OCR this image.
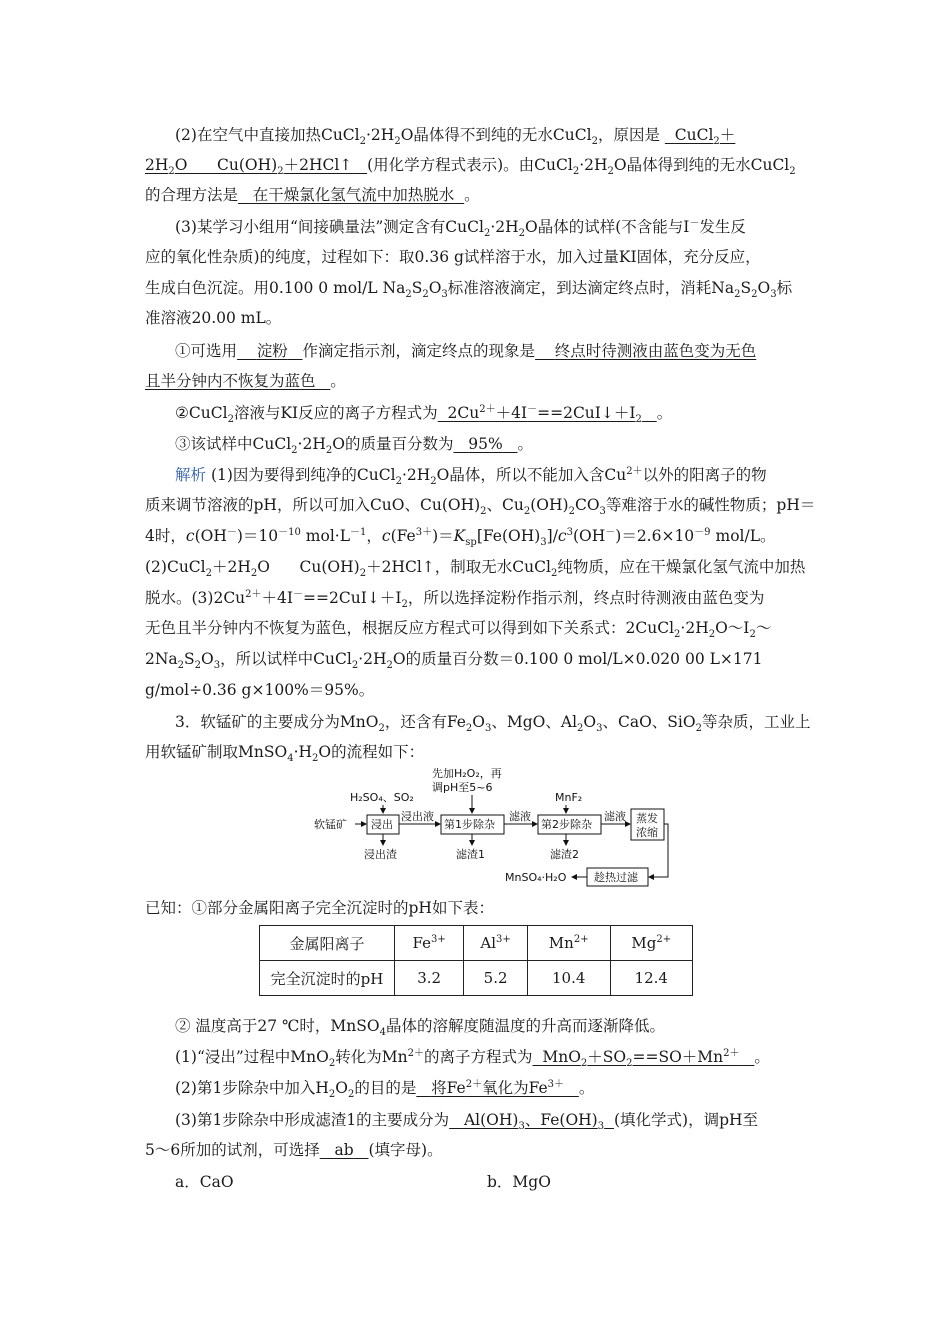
(2)在空气中直接加热$CuCl_2\cdot 2H_2O$晶体得不到纯的无水CuCl$_2$，原因是 CuCl$_2$＋
$2H_2O$ $Cu(OH)_2+2HCl↑$ (用化学方程式表示)。由$CuCl_2\cdot 2H_2O$晶体得到纯的无水CuCl$_2$
的合理方法是 在干燥氯化氢气流中加热脱水 。
(3)某学习小组用“间接碘量法”测定含有$CuCl_2\cdot 2H_2O$晶体的试样(不含能与I－发生反
应的氧化性杂质)的纯度，过程如下：取0.36 g试样溶于水，加入过量KI固体，充分反应，
生成白色沉淀。用0.100 0 mol/L $Na_2S_2O_3$标准溶液滴定，到达滴定终点时，消耗$Na_2S_2O_3$标
准溶液20.00 mL。
①可选用 淀粉 作滴定指示剂，滴定终点的现象是 终点时待测液由蓝色变为无色
且半分钟内不恢复为蓝色 。
②CuCl$_2$溶液与KI反应的离子方程式为 $2Cu^{2+}+4I^-==2CuI↓+I_2$ 。
③该试样中$CuCl_2\cdot 2H_2O$的质量百分数为 95% 。
解析 (1)因为要得到纯净的$CuCl_2\cdot 2H_2O$晶体，所以不能加入含$Cu^{2+}$以外的阳离子的物
质来调节溶液的pH，所以可加入CuO、$Cu(OH)_2$、$Cu_2(OH)_2CO_3$等难溶于水的碱性物质；pH＝
4时，$c(OH^-)=10^{-10}$ $mol\cdot L^{-1}$，$c(Fe^{3+})=K_{sp}[Fe(OH)_3]/c^3(OH^-)=2.6\times 10^{-9}$ mol/L。
$(2)CuCl_2+2H_2O$ $Cu(OH)_2+2HCl↑$，制取无水CuCl$_2$纯物质，应在干燥氯化氢气流中加热
脱水。$(3)2Cu^{2+}+4I^-==2CuI↓+I_2$，所以选择淀粉作指示剂，终点时待测液由蓝色变为
无色且半分钟内不恢复为蓝色，根据反应方程式可以得到如下关系式：$2CuCl_2\cdot 2H_2O\sim I_2\sim$
$2Na_2S_2O_3$，所以试样中$CuCl_2\cdot 2H_2O$的质量百分数＝0.100 0 mol/L×0.020 00 L×171
g/mol÷0.36 g×100%＝95%。
3．软锰矿的主要成分为MnO$_2$，还含有$Fe_2O_3$、MgO、$Al_2O_3$、CaO、SiO$_2$等杂质，工业上
用软锰矿制取$MnSO_4\cdot H_2O$的流程如下：
H₂SO₄、SO₂
先加H₂O₂，再
调pH至5~6
MnF₂
软锰矿 浸出
浸出液
第1步除杂
滤液
第2步除杂
滤液 蒸发
浓缩
浸出渣	滤渣1	滤渣2
趁热过滤
MnSO₄·H₂O
已知：①部分金属阳离子完全沉淀时的pH如下表：
金属阳离子	$Fe^{3+}$	$Al^{3+}$	$Mn^{2+}$	$Mg^{2+}$
完全沉淀时的pH	3.2	5.2	10.4	12.4
② 温度高于27 ℃时，MnSO$_4$晶体的溶解度随温度的升高而逐渐降低。
(1)“浸出”过程中MnO$_2$转化为$Mn^{2+}$的离子方程式为 $MnO_2+SO_2==SO+Mn^{2+}$ 。
(2)第1步除杂中加入$H_2O_2$的目的是 将$Fe^{2+}$氧化为$Fe^{3+}$ 。
(3)第1步除杂中形成滤渣1的主要成分为 $Al(OH)_3$、$Fe(OH)_3$ (填化学式)，调pH至
5～6所加的试剂，可选择 ab (填字母)。
a．CaO	b．MgO
